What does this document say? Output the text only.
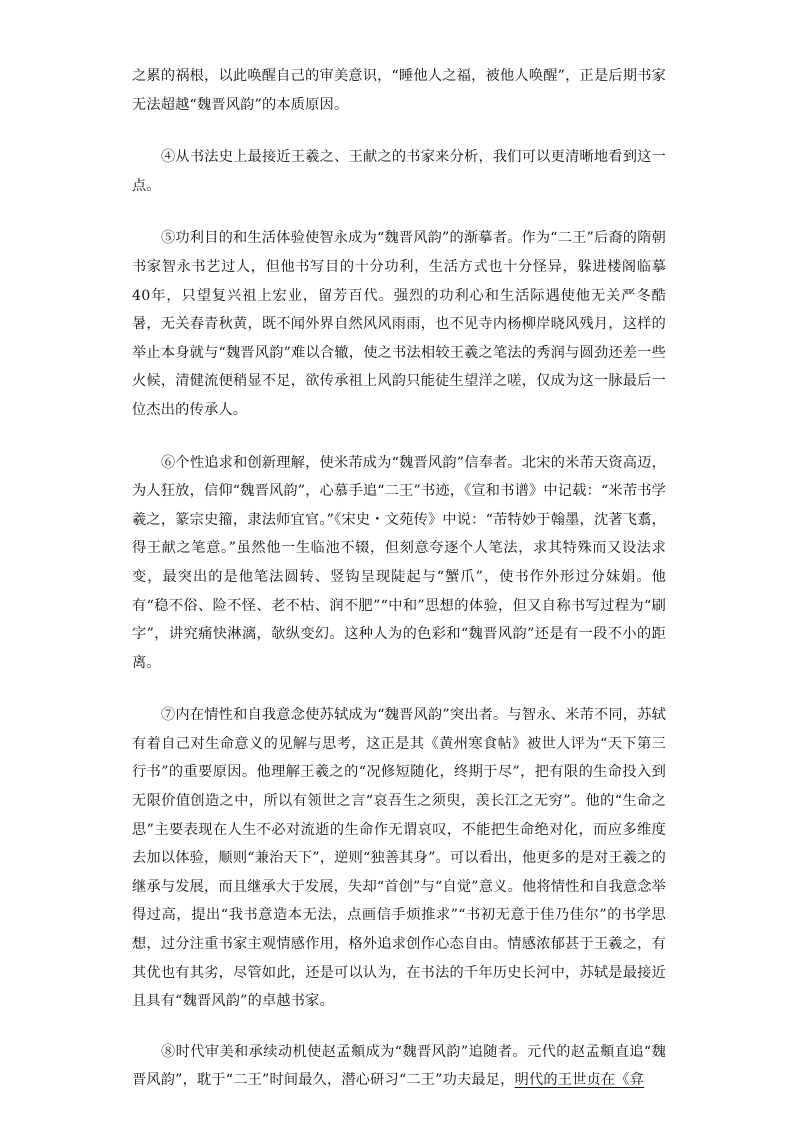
之累的祸根，以此唤醒自己的审美意识，“睡他人之福，被他人唤醒”，正是后期书家无法超越“魏晋风韵”的本质原因。

④从书法史上最接近王羲之、王献之的书家来分析，我们可以更清晰地看到这一点。

⑤功利目的和生活体验使智永成为“魏晋风韵”的渐摹者。作为“二王”后裔的隋朝书家智永书艺过人，但他书写目的十分功利，生活方式也十分怪异，躲进楼阁临摹40年，只望复兴祖上宏业，留芳百代。强烈的功利心和生活际遇使他无关严冬酷暑，无关春青秋黄，既不闻外界自然风风雨雨，也不见寺内杨柳岸晓风残月，这样的举止本身就与“魏晋风韵”难以合辙，使之书法相较王羲之笔法的秀润与圆劲还差一些火候，清健流便稍显不足，欲传承祖上风韵只能徒生望洋之嗟，仅成为这一脉最后一位杰出的传承人。

⑥个性追求和创新理解，使米芾成为“魏晋风韵”信奉者。北宋的米芾天资高迈，为人狂放，信仰“魏晋风韵”，心慕手追“二王”书迹，《宣和书谱》中记载：“米芾书学羲之，篆宗史籀，隶法师宜官。”《宋史・文苑传》中说：“芾特妙于翰墨，沈著飞翥，得王献之笔意。”虽然他一生临池不辍，但刻意夸逐个人笔法，求其特殊而又设法求变，最突出的是他笔法圆转、竖钩呈现陡起与“蟹爪”，使书作外形过分妹娟。他有“稳不俗、险不怪、老不枯、润不肥”“中和”思想的体验，但又自称书写过程为“刷字”，讲究痛快淋漓，欹纵变幻。这种人为的色彩和“魏晋风韵”还是有一段不小的距离。

⑦内在情性和自我意念使苏轼成为“魏晋风韵”突出者。与智永、米芾不同，苏轼有着自己对生命意义的见解与思考，这正是其《黄州寒食帖》被世人评为“天下第三行书”的重要原因。他理解王羲之的“况修短随化，终期于尽”，把有限的生命投入到无限价值创造之中，所以有领世之言“哀吾生之须臾，羡长江之无穷”。他的“生命之思”主要表现在人生不必对流逝的生命作无谓哀叹，不能把生命绝对化，而应多维度去加以体验，顺则“兼治天下”，逆则“独善其身”。可以看出，他更多的是对王羲之的继承与发展，而且继承大于发展，失却“首创”与“自觉”意义。他将情性和自我意念举得过高，提出“我书意造本无法，点画信手烦推求”“书初无意于佳乃佳尔”的书学思想，过分注重书家主观情感作用，格外追求创作心态自由。情感浓郁甚于王羲之，有其优也有其劣，尽管如此，还是可以认为，在书法的千年历史长河中，苏轼是最接近且具有“魏晋风韵”的卓越书家。

⑧时代审美和承续动机使赵孟頫成为“魏晋风韵”追随者。元代的赵孟頫直追“魏晋风韵”，耽于“二王”时间最久，潜心研习“二王”功夫最足，明代的王世贞在《弇
